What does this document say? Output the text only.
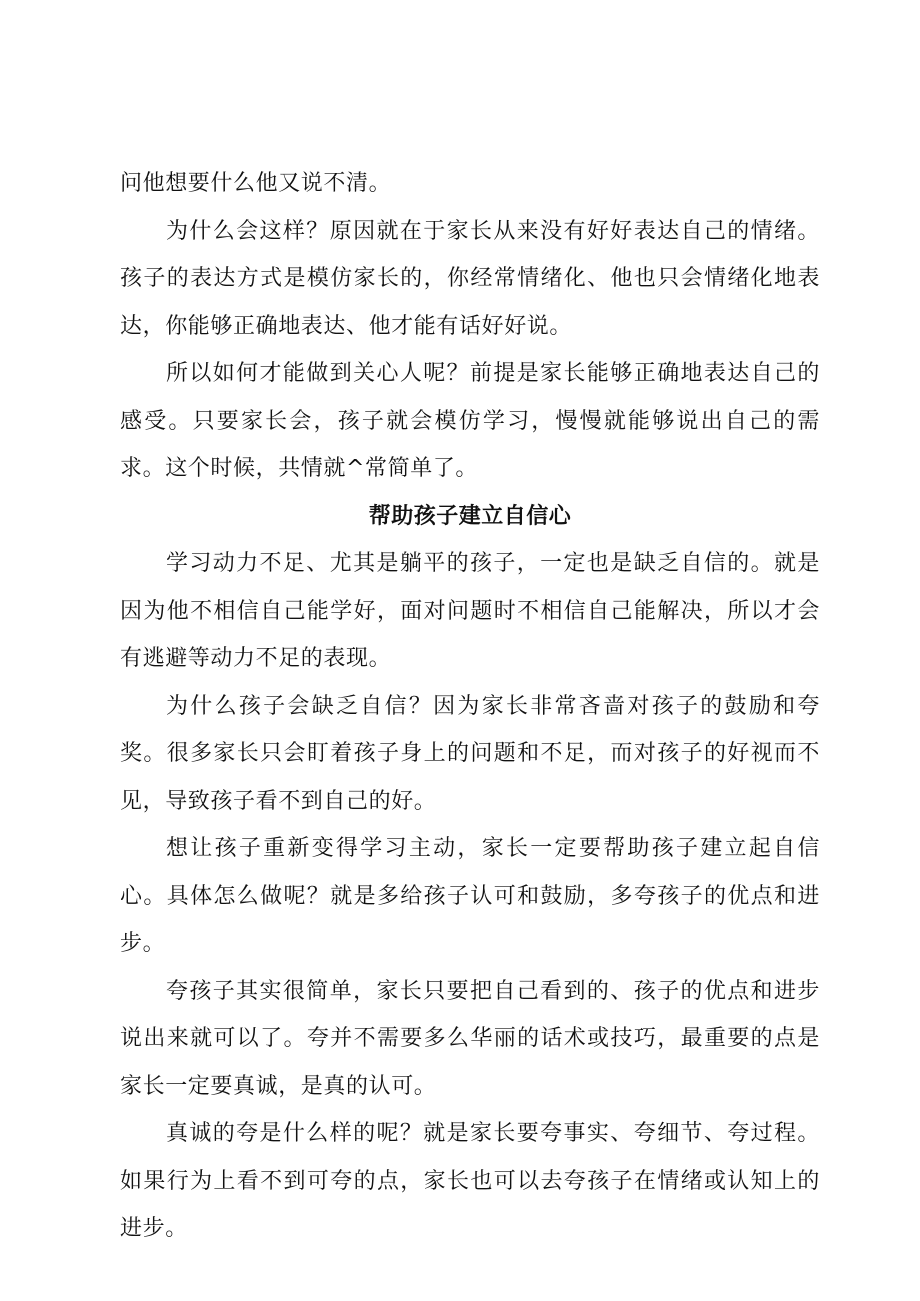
问他想要什么他又说不清。

为什么会这样？原因就在于家长从来没有好好表达自己的情绪。孩子的表达方式是模仿家长的，你经常情绪化、他也只会情绪化地表达，你能够正确地表达、他才能有话好好说。

所以如何才能做到关心人呢？前提是家长能够正确地表达自己的感受。只要家长会，孩子就会模仿学习，慢慢就能够说出自己的需求。这个时候，共情就^常简单了。

帮助孩子建立自信心

学习动力不足、尤其是躺平的孩子，一定也是缺乏自信的。就是因为他不相信自己能学好，面对问题时不相信自己能解决，所以才会有逃避等动力不足的表现。

为什么孩子会缺乏自信？因为家长非常吝啬对孩子的鼓励和夸奖。很多家长只会盯着孩子身上的问题和不足，而对孩子的好视而不见，导致孩子看不到自己的好。

想让孩子重新变得学习主动，家长一定要帮助孩子建立起自信心。具体怎么做呢？就是多给孩子认可和鼓励，多夸孩子的优点和进步。

夸孩子其实很简单，家长只要把自己看到的、孩子的优点和进步说出来就可以了。夸并不需要多么华丽的话术或技巧，最重要的点是家长一定要真诚，是真的认可。

真诚的夸是什么样的呢？就是家长要夸事实、夸细节、夸过程。如果行为上看不到可夸的点，家长也可以去夸孩子在情绪或认知上的进步。
